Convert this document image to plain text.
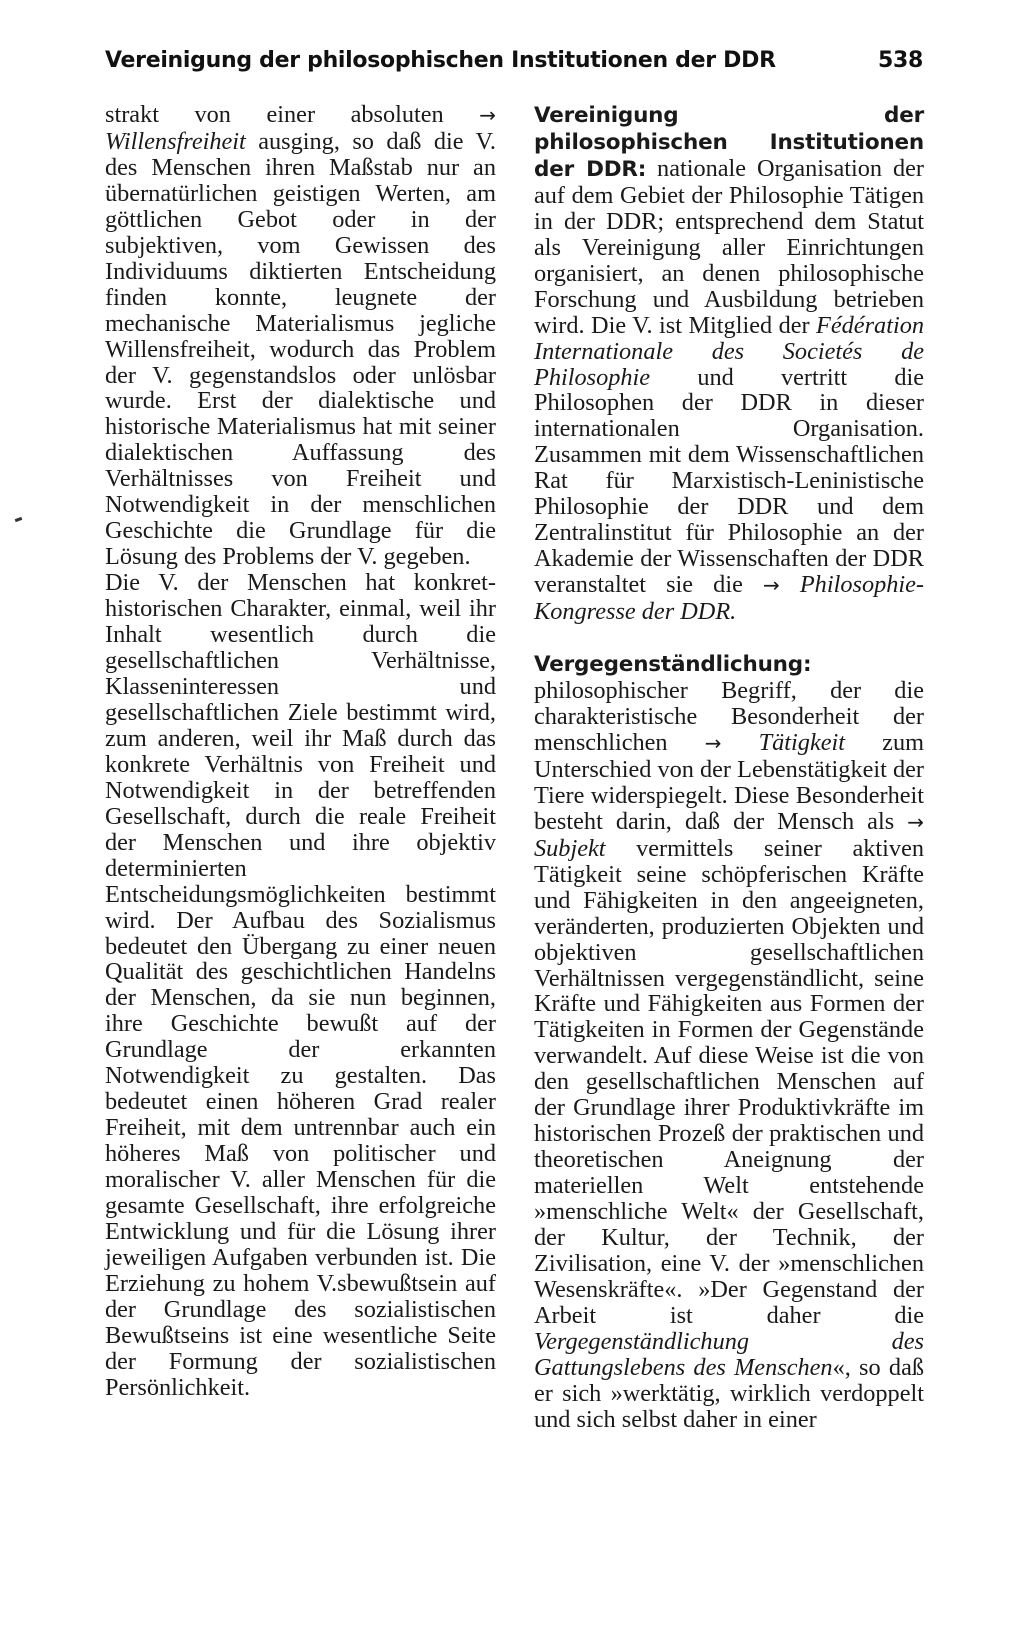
Vereinigung der philosophischen Institutionen der DDR	538

strakt von einer absoluten → Willensfreiheit ausging, so daß die V. des Menschen ihren Maßstab nur an übernatürlichen geistigen Werten, am göttlichen Gebot oder in der subjektiven, vom Gewissen des Individuums diktierten Entscheidung finden konnte, leugnete der mechanische Materialismus jegliche Willensfreiheit, wodurch das Problem der V. gegenstandslos oder unlösbar wurde. Erst der dialektische und historische Materialismus hat mit seiner dialektischen Auffassung des Verhältnisses von Freiheit und Notwendigkeit in der menschlichen Geschichte die Grundlage für die Lösung des Problems der V. gegeben.

Die V. der Menschen hat konkret-historischen Charakter, einmal, weil ihr Inhalt wesentlich durch die gesellschaftlichen Verhältnisse, Klasseninteressen und gesellschaftlichen Ziele bestimmt wird, zum anderen, weil ihr Maß durch das konkrete Verhältnis von Freiheit und Notwendigkeit in der betreffenden Gesellschaft, durch die reale Freiheit der Menschen und ihre objektiv determinierten Entscheidungsmöglichkeiten bestimmt wird. Der Aufbau des Sozialismus bedeutet den Übergang zu einer neuen Qualität des geschichtlichen Handelns der Menschen, da sie nun beginnen, ihre Geschichte bewußt auf der Grundlage der erkannten Notwendigkeit zu gestalten. Das bedeutet einen höheren Grad realer Freiheit, mit dem untrennbar auch ein höheres Maß von politischer und moralischer V. aller Menschen für die gesamte Gesellschaft, ihre erfolgreiche Entwicklung und für die Lösung ihrer jeweiligen Aufgaben verbunden ist. Die Erziehung zu hohem V.sbewußtsein auf der Grundlage des sozialistischen Bewußtseins ist eine wesentliche Seite der Formung der sozialistischen Persönlichkeit.

Vereinigung der philosophischen Institutionen der DDR: nationale Organisation der auf dem Gebiet der Philosophie Tätigen in der DDR; entsprechend dem Statut als Vereinigung aller Einrichtungen organisiert, an denen philosophische Forschung und Ausbildung betrieben wird. Die V. ist Mitglied der Fédération Internationale des Societés de Philosophie und vertritt die Philosophen der DDR in dieser internationalen Organisation. Zusammen mit dem Wissenschaftlichen Rat für Marxistisch-Leninistische Philosophie der DDR und dem Zentralinstitut für Philosophie an der Akademie der Wissenschaften der DDR veranstaltet sie die → Philosophie-Kongresse der DDR.

Vergegenständlichung: philosophischer Begriff, der die charakteristische Besonderheit der menschlichen → Tätigkeit zum Unterschied von der Lebenstätigkeit der Tiere widerspiegelt. Diese Besonderheit besteht darin, daß der Mensch als → Subjekt vermittels seiner aktiven Tätigkeit seine schöpferischen Kräfte und Fähigkeiten in den angeeigneten, veränderten, produzierten Objekten und objektiven gesellschaftlichen Verhältnissen vergegenständlicht, seine Kräfte und Fähigkeiten aus Formen der Tätigkeiten in Formen der Gegenstände verwandelt. Auf diese Weise ist die von den gesellschaftlichen Menschen auf der Grundlage ihrer Produktivkräfte im historischen Prozeß der praktischen und theoretischen Aneignung der materiellen Welt entstehende »menschliche Welt« der Gesellschaft, der Kultur, der Technik, der Zivilisation, eine V. der »menschlichen Wesenskräfte«. »Der Gegenstand der Arbeit ist daher die Vergegenständlichung des Gattungslebens des Menschen«, so daß er sich »werktätig, wirklich verdoppelt und sich selbst daher in einer
